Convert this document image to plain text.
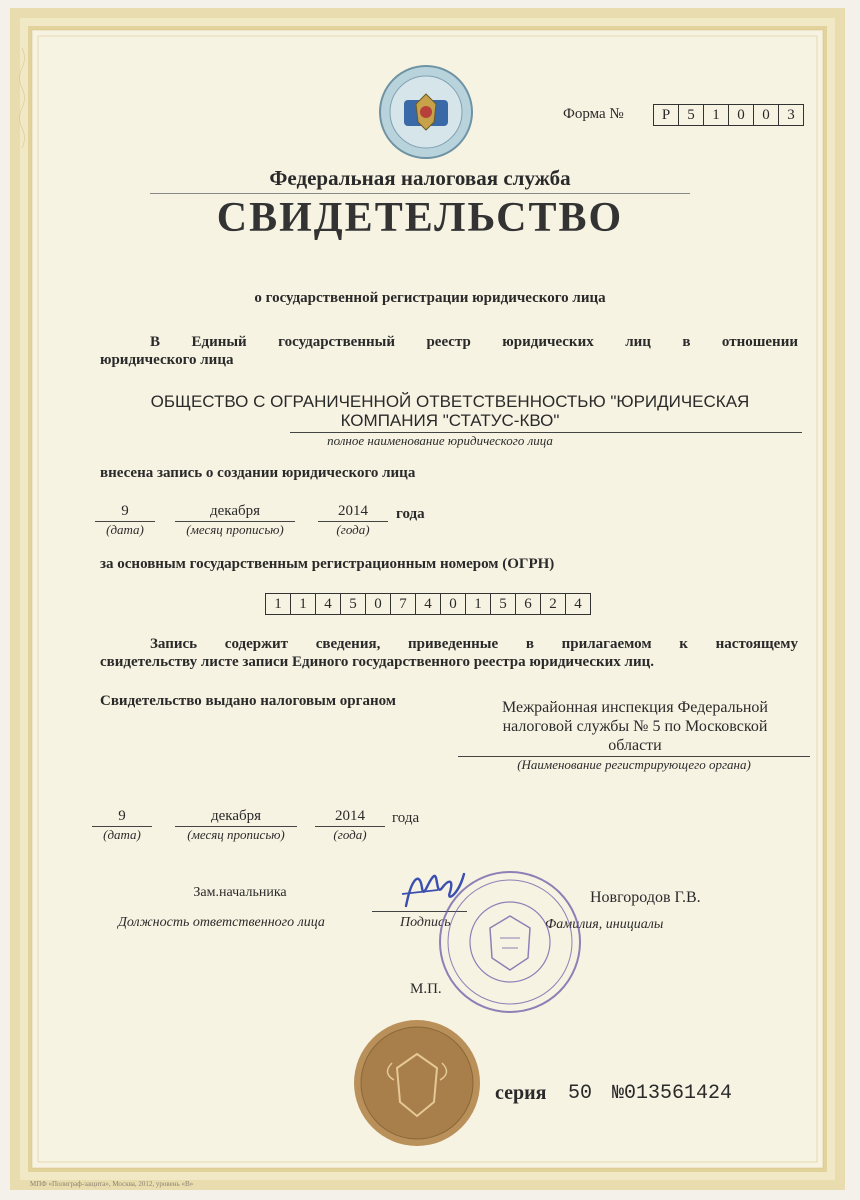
Форма №	Р	5	1	0	0	3
Федеральная налоговая служба
СВИДЕТЕЛЬСТВО
о государственной регистрации юридического лица
В Единый государственный реестр юридических лиц в отношении
юридического лица
ОБЩЕСТВО С ОГРАНИЧЕННОЙ ОТВЕТСТВЕННОСТЬЮ "ЮРИДИЧЕСКАЯ
КОМПАНИЯ "СТАТУС-КВО"
полное наименование юридического лица
внесена запись о создании юридического лица
9
(дата)
декабря
(месяц прописью)
2014
(года)
года
за основным государственным регистрационным номером (ОГРН)
1	1	4	5	0	7	4	0	1	5	6	2	4
Запись содержит сведения, приведенные в прилагаемом к настоящему
свидетельству листе записи Единого государственного реестра юридических лиц.
Свидетельство выдано налоговым органом	Межрайонная инспекция Федеральной
налоговой службы № 5 по Московской
области
(Наименование регистрирующего органа)
9
(дата)
декабря
(месяц прописью)
2014
(года)
года
Зам.начальника
Должность ответственного лица	Подпись
Новгородов Г.В.
Фамилия, инициалы
М.П.
серия 50 №013561424
МПФ «Полиграф-защита», Москва, 2012, уровень «В»
